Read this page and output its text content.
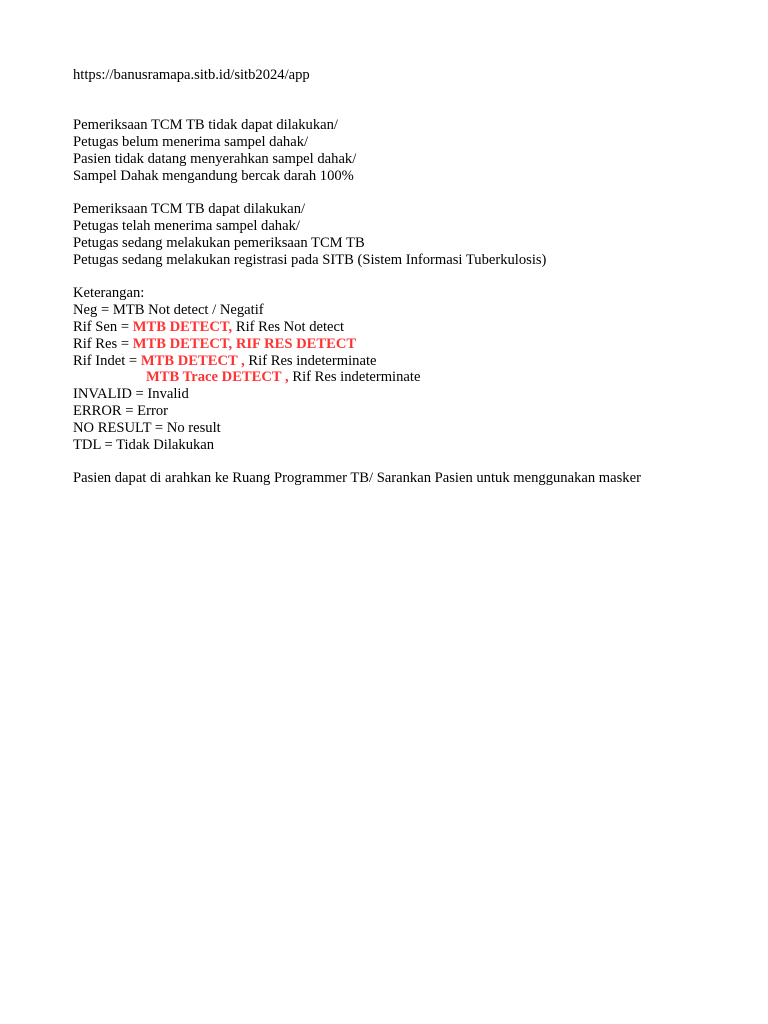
https://banusramapa.sitb.id/sitb2024/app
Pemeriksaan TCM TB tidak dapat dilakukan/
Petugas belum menerima sampel dahak/
Pasien tidak datang menyerahkan sampel dahak/
Sampel Dahak mengandung bercak darah 100%
Pemeriksaan TCM TB dapat dilakukan/
Petugas telah menerima sampel dahak/
Petugas sedang melakukan pemeriksaan TCM TB
Petugas sedang melakukan registrasi pada SITB (Sistem Informasi Tuberkulosis)
Keterangan:
Neg = MTB Not detect / Negatif
Rif Sen = MTB DETECT, Rif Res Not detect
Rif Res = MTB DETECT, RIF RES DETECT
Rif Indet = MTB DETECT , Rif Res indeterminate
MTB Trace DETECT , Rif Res indeterminate
INVALID = Invalid
ERROR = Error
NO RESULT = No result
TDL = Tidak Dilakukan
Pasien dapat di arahkan ke Ruang Programmer TB/ Sarankan Pasien untuk menggunakan masker
